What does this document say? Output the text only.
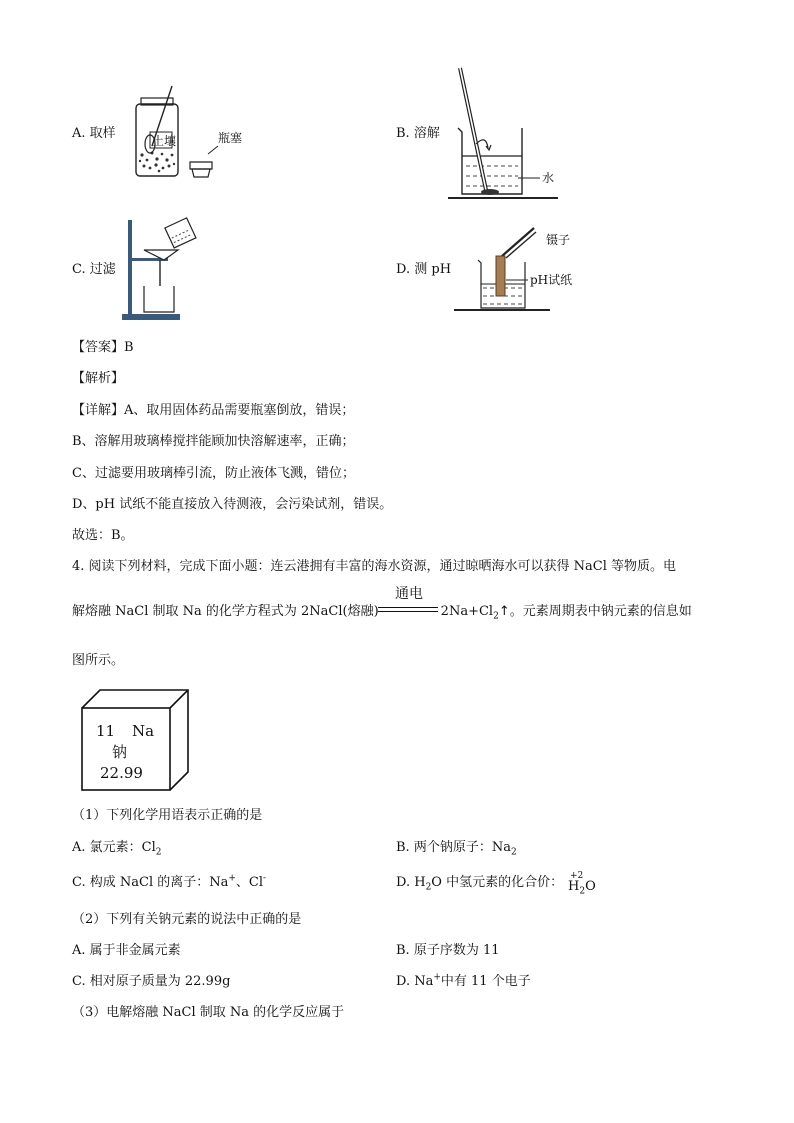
A. 取样	土壤	瓶塞	B. 溶解
水
C. 过滤	D. 测 pH
镊子
pH试纸
【答案】B
【解析】
【详解】A、取用固体药品需要瓶塞倒放，错误；
B、溶解用玻璃棒搅拌能顾加快溶解速率，正确；
C、过滤要用玻璃棒引流，防止液体飞溅，错位；
D、pH 试纸不能直接放入待测液，会污染试剂，错误。
故选：B。
4. 阅读下列材料，完成下面小题：连云港拥有丰富的海水资源，通过晾晒海水可以获得 NaCl 等物质。电
解熔融 NaCl 制取 Na 的化学方程式为 2NaCl(熔融)	$2Na+Cl_2↑$。元素周期表中钠元素的信息如
通电
图所示。
11 Na
钠
22.99
（1）下列化学用语表示正确的是
A. 氯元素：$Cl_2$	B. 两个钠原子：$Na_2$
C. 构成 NaCl 的离子：Na+、Cl-	D. $H_2O$ 中氢元素的化合价： +2
$H_2O$
（2）下列有关钠元素的说法中正确的是
A. 属于非金属元素	B. 原子序数为 11
C. 相对原子质量为 22.99g	D. Na+中有 11 个电子
（3）电解熔融 NaCl 制取 Na 的化学反应属于
